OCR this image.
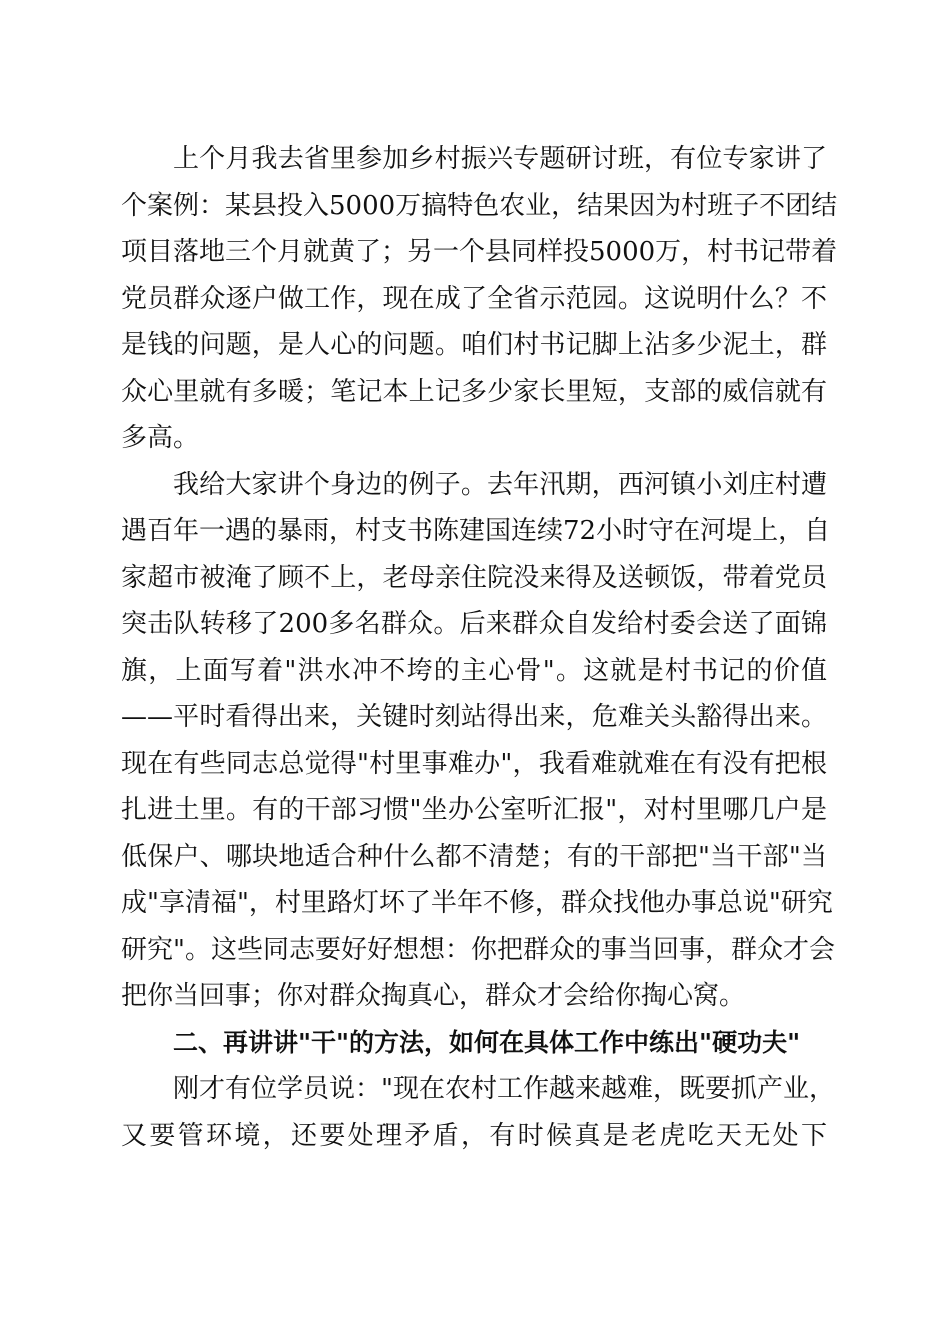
上个月我去省里参加乡村振兴专题研讨班，有位专家讲了
个案例：某县投入5000万搞特色农业，结果因为村班子不团结
项目落地三个月就黄了；另一个县同样投5000万，村书记带着
党员群众逐户做工作，现在成了全省示范园。这说明什么？不
是钱的问题，是人心的问题。咱们村书记脚上沾多少泥土，群
众心里就有多暖；笔记本上记多少家长里短，支部的威信就有
多高。
我给大家讲个身边的例子。去年汛期，西河镇小刘庄村遭
遇百年一遇的暴雨，村支书陈建国连续72小时守在河堤上，自
家超市被淹了顾不上，老母亲住院没来得及送顿饭，带着党员
突击队转移了200多名群众。后来群众自发给村委会送了面锦
旗，上面写着"洪水冲不垮的主心骨"。这就是村书记的价值
——平时看得出来，关键时刻站得出来，危难关头豁得出来。
现在有些同志总觉得"村里事难办"，我看难就难在有没有把根
扎进土里。有的干部习惯"坐办公室听汇报"，对村里哪几户是
低保户、哪块地适合种什么都不清楚；有的干部把"当干部"当
成"享清福"，村里路灯坏了半年不修，群众找他办事总说"研究
研究"。这些同志要好好想想：你把群众的事当回事，群众才会
把你当回事；你对群众掏真心，群众才会给你掏心窝。
二、再讲讲"干"的方法，如何在具体工作中练出"硬功夫"
刚才有位学员说："现在农村工作越来越难，既要抓产业，
又要管环境，还要处理矛盾，有时候真是老虎吃天无处下
